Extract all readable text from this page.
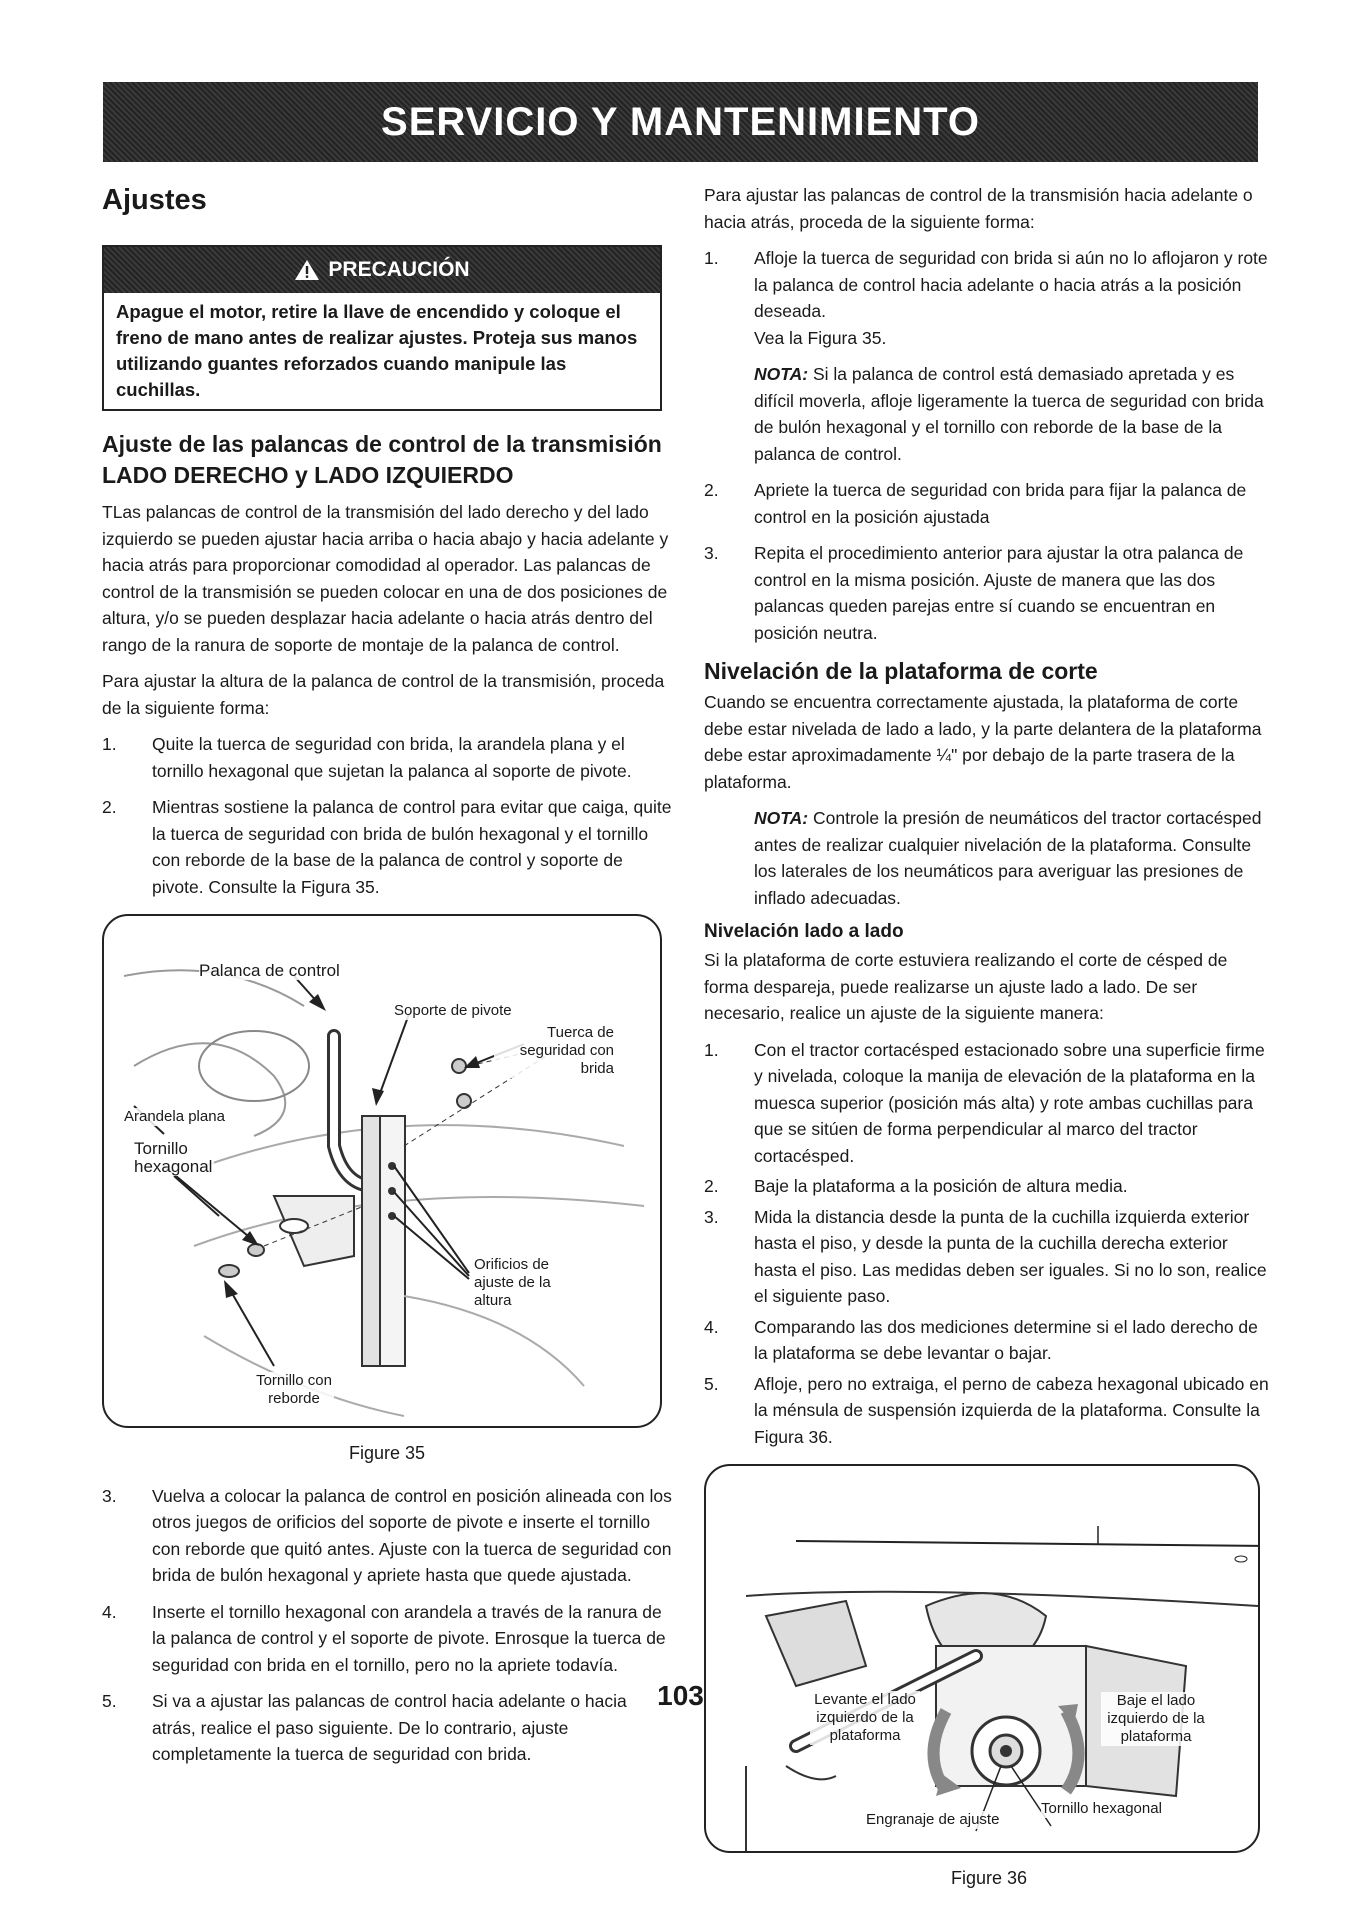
SERVICIO Y MANTENIMIENTO
Ajustes
PRECAUCIÓN
Apague el motor, retire la llave de encendido y coloque el freno de mano antes de realizar ajustes. Proteja sus manos utilizando guantes reforzados cuando manipule las cuchillas.
Ajuste de las palancas de control de la transmisión LADO DERECHO y LADO IZQUIERDO

TLas palancas de control de la transmisión del lado derecho y del lado izquierdo se pueden ajustar hacia arriba o hacia abajo y hacia adelante y hacia atrás para proporcionar comodidad al operador. Las palancas de control de la transmisión se pueden colocar en una de dos posiciones de altura, y/o se pueden desplazar hacia adelante o hacia atrás dentro del rango de la ranura de soporte de montaje de la palanca de control.

Para ajustar la altura de la palanca de control de la transmisión, proceda de la siguiente forma:

1.	Quite la tuerca de seguridad con brida, la arandela plana y el tornillo hexagonal que sujetan la palanca al soporte de pivote.
2.	Mientras sostiene la palanca de control para evitar que caiga, quite la tuerca de seguridad con brida de bulón hexagonal y el tornillo con reborde de la base de la palanca de control y soporte de pivote. Consulte la Figura 35.
Palanca de control
Soporte de pivote
Tuerca de seguridad con brida
Arandela plana
Tornillo hexagonal
Orificios de ajuste de la altura
Tornillo con reborde
Figure 35
3.	Vuelva a colocar la palanca de control en posición alineada con los otros juegos de orificios del soporte de pivote e inserte el tornillo con reborde que quitó antes. Ajuste con la tuerca de seguridad con brida de bulón hexagonal y apriete hasta que quede ajustada.
4.	Inserte el tornillo hexagonal con arandela a través de la ranura de la palanca de control y el soporte de pivote. Enrosque la tuerca de seguridad con brida en el tornillo, pero no la apriete todavía.
5.	Si va a ajustar las palancas de control hacia adelante o hacia atrás, realice el paso siguiente. De lo contrario, ajuste completamente la tuerca de seguridad con brida.

Para ajustar las palancas de control de la transmisión hacia adelante o hacia atrás, proceda de la siguiente forma:

1.	Afloje la tuerca de seguridad con brida si aún no lo aflojaron y rote la palanca de control hacia adelante o hacia atrás a la posición deseada.
Vea la Figura 35.

NOTA: Si la palanca de control está demasiado apretada y es difícil moverla, afloje ligeramente la tuerca de seguridad con brida de bulón hexagonal y el tornillo con reborde de la base de la palanca de control.

2.	Apriete la tuerca de seguridad con brida para fijar la palanca de control en la posición ajustada
3.	Repita el procedimiento anterior para ajustar la otra palanca de control en la misma posición. Ajuste de manera que las dos palancas queden parejas entre sí cuando se encuentran en posición neutra.
Nivelación de la plataforma de corte

Cuando se encuentra correctamente ajustada, la plataforma de corte debe estar nivelada de lado a lado, y la parte delantera de la plataforma debe estar aproximadamente ¼" por debajo de la parte trasera de la plataforma.

NOTA: Controle la presión de neumáticos del tractor cortacésped antes de realizar cualquier nivelación de la plataforma. Consulte los laterales de los neumáticos para averiguar las presiones de inflado adecuadas.

Nivelación lado a lado

Si la plataforma de corte estuviera realizando el corte de césped de forma despareja, puede realizarse un ajuste lado a lado. De ser necesario, realice un ajuste de la siguiente manera:

1.	Con el tractor cortacésped estacionado sobre una superficie firme y nivelada, coloque la manija de elevación de la plataforma en la muesca superior (posición más alta) y rote ambas cuchillas para que se sitúen de forma perpendicular al marco del tractor cortacésped.
2.	Baje la plataforma a la posición de altura media.
3.	Mida la distancia desde la punta de la cuchilla izquierda exterior hasta el piso, y desde la punta de la cuchilla derecha exterior hasta el piso. Las medidas deben ser iguales. Si no lo son, realice el siguiente paso.
4.	Comparando las dos mediciones determine si el lado derecho de la plataforma se debe levantar o bajar.
5.	Afloje, pero no extraiga, el perno de cabeza hexagonal ubicado en la ménsula de suspensión izquierda de la plataforma. Consulte la Figura 36.
Levante el lado izquierdo de la plataforma
Baje el lado izquierdo de la plataforma
Engranaje de ajuste
Tornillo hexagonal
Figure 36
103
